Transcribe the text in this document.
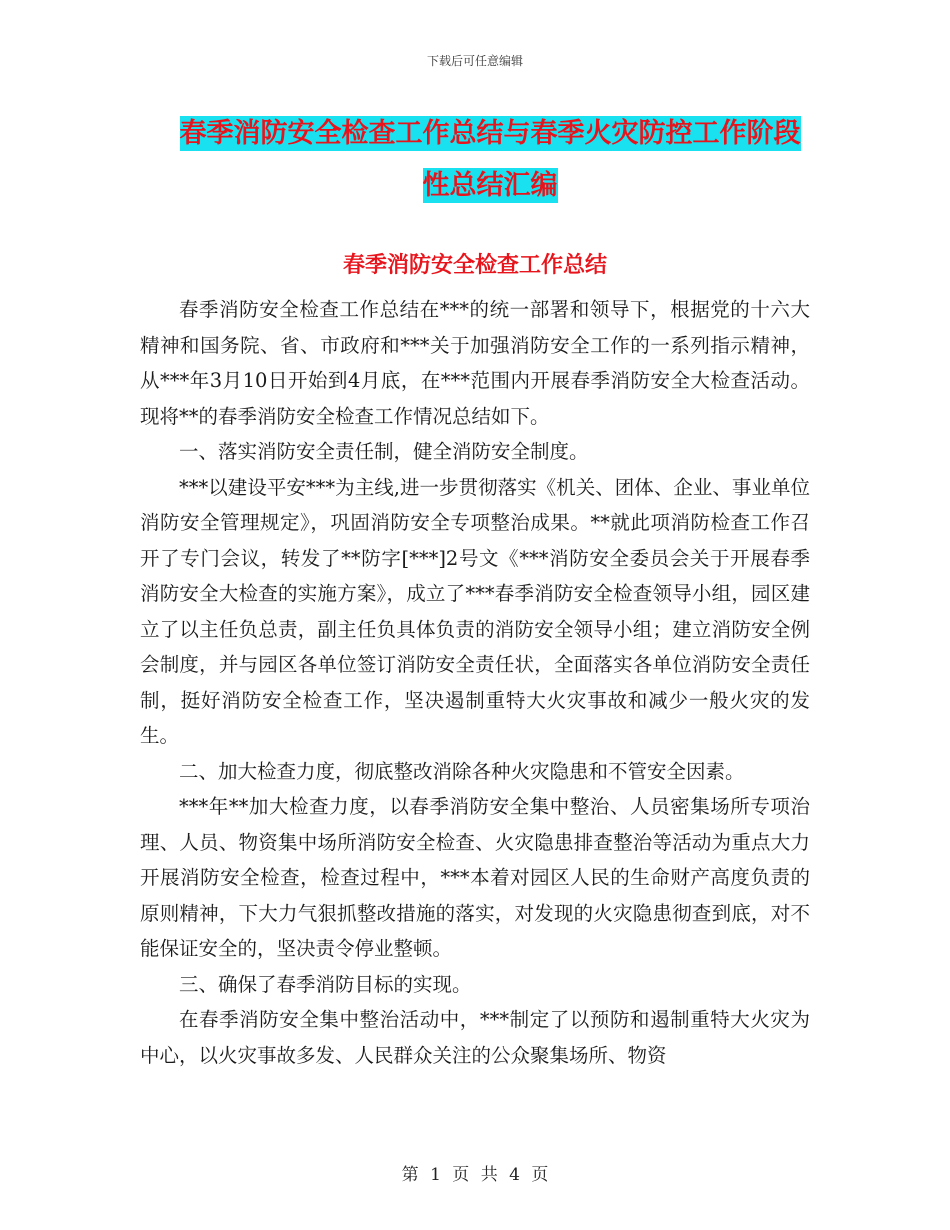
下载后可任意编辑
春季消防安全检查工作总结与春季火灾防控工作阶段
性总结汇编
春季消防安全检查工作总结

春季消防安全检查工作总结在***的统一部署和领导下，根据党的十六大精神和国务院、省、市政府和***关于加强消防安全工作的一系列指示精神，从***年3月10日开始到4月底，在***范围内开展春季消防安全大检查活动。现将**的春季消防安全检查工作情况总结如下。

一、落实消防安全责任制，健全消防安全制度。

***以建设平安***为主线,进一步贯彻落实《机关、团体、企业、事业单位消防安全管理规定》，巩固消防安全专项整治成果。**就此项消防检查工作召开了专门会议，转发了**防字[***]2号文《***消防安全委员会关于开展春季消防安全大检查的实施方案》，成立了***春季消防安全检查领导小组，园区建立了以主任负总责，副主任负具体负责的消防安全领导小组；建立消防安全例会制度，并与园区各单位签订消防安全责任状，全面落实各单位消防安全责任制，挺好消防安全检查工作，坚决遏制重特大火灾事故和减少一般火灾的发生。

二、加大检查力度，彻底整改消除各种火灾隐患和不管安全因素。

***年**加大检查力度，以春季消防安全集中整治、人员密集场所专项治理、人员、物资集中场所消防安全检查、火灾隐患排查整治等活动为重点大力开展消防安全检查，检查过程中，***本着对园区人民的生命财产高度负责的原则精神，下大力气狠抓整改措施的落实，对发现的火灾隐患彻查到底，对不能保证安全的，坚决责令停业整顿。

三、确保了春季消防目标的实现。

在春季消防安全集中整治活动中，***制定了以预防和遏制重特大火灾为中心，以火灾事故多发、人民群众关注的公众聚集场所、物资

第 1 页 共 4 页
